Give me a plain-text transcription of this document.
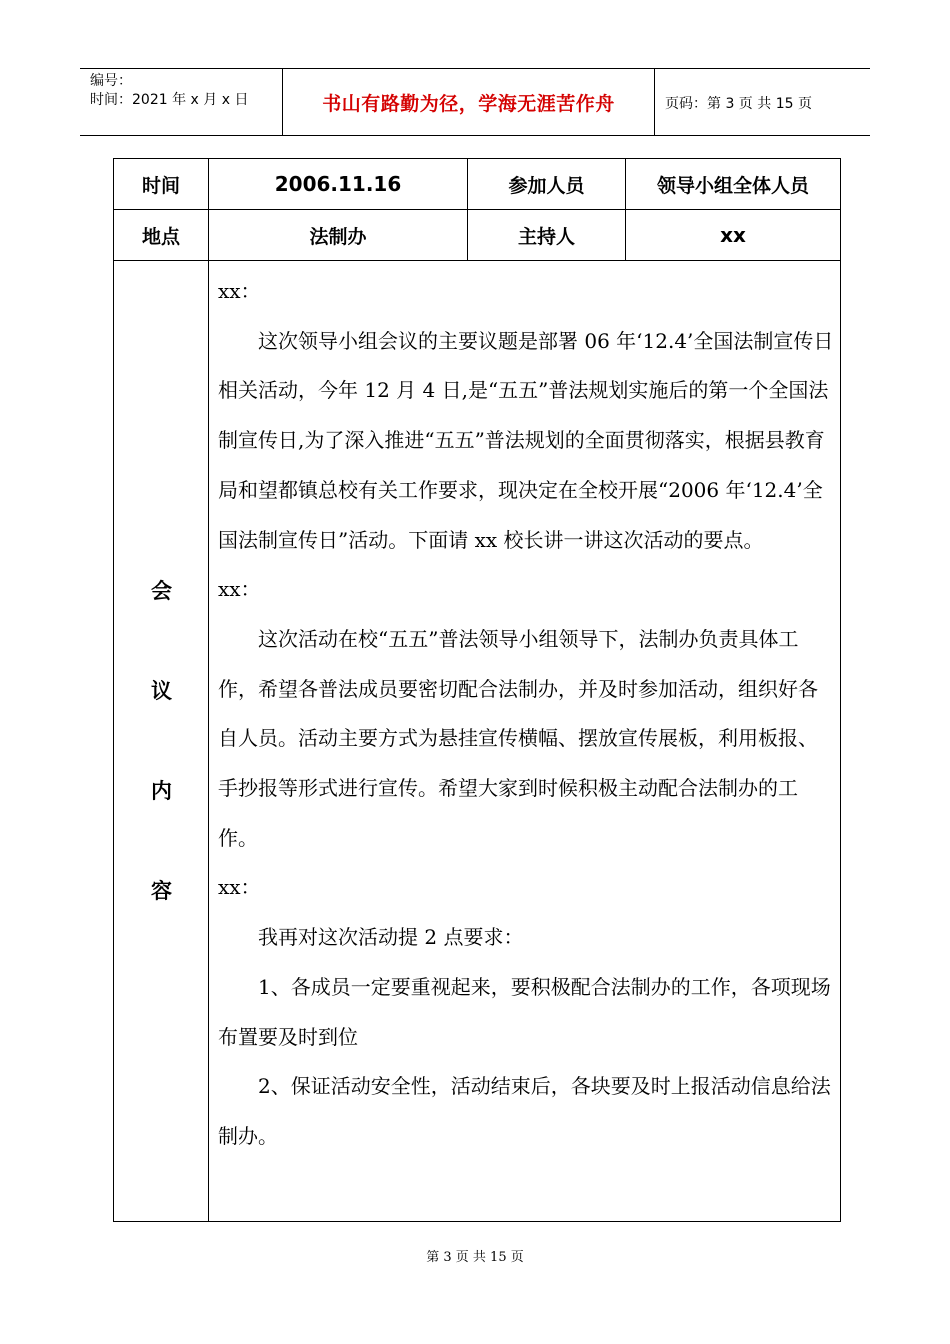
编号：
时间：2021 年 x 月 x 日	书山有路勤为径，学海无涯苦作舟	页码：第 3 页 共 15 页
时间	2006.11.16	参加人员	领导小组全体人员
地点	法制办	主持人	xx
会
议
内
容

xx：

这次领导小组会议的主要议题是部署 06 年‘12.4’全国法制宣传日相关活动，今年 12 月 4 日,是“五五”普法规划实施后的第一个全国法制宣传日,为了深入推进“五五”普法规划的全面贯彻落实，根据县教育局和望都镇总校有关工作要求，现决定在全校开展“2006 年‘12.4’全国法制宣传日”活动。下面请 xx 校长讲一讲这次活动的要点。

xx：

这次活动在校“五五”普法领导小组领导下，法制办负责具体工作，希望各普法成员要密切配合法制办，并及时参加活动，组织好各自人员。活动主要方式为悬挂宣传横幅、摆放宣传展板，利用板报、手抄报等形式进行宣传。希望大家到时候积极主动配合法制办的工作。

xx：

我再对这次活动提 2 点要求：

1、各成员一定要重视起来，要积极配合法制办的工作，各项现场布置要及时到位

2、保证活动安全性，活动结束后，各块要及时上报活动信息给法制办。

第 3 页 共 15 页
